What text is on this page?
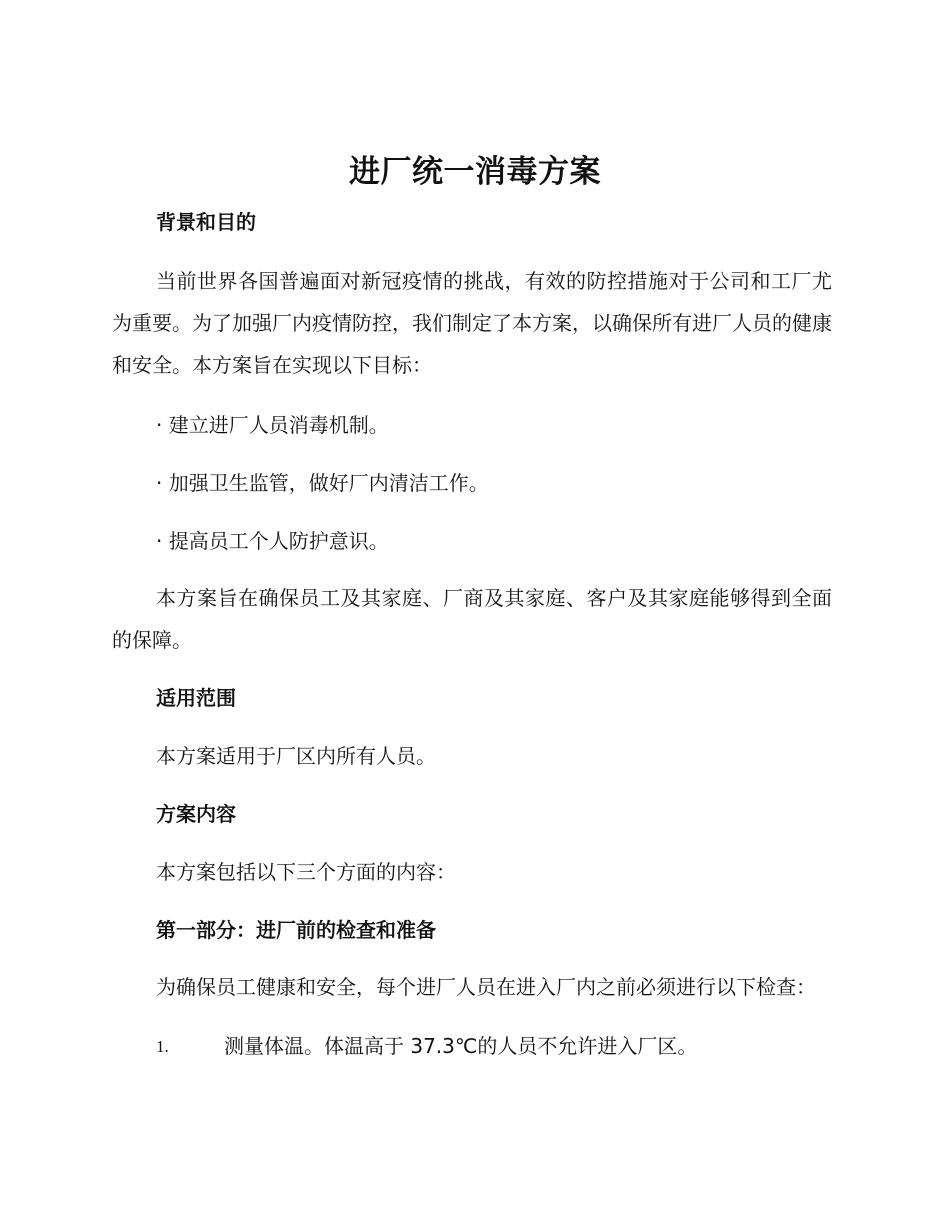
进厂统一消毒方案
背景和目的
当前世界各国普遍面对新冠疫情的挑战，有效的防控措施对于公司和工厂尤为重要。为了加强厂内疫情防控，我们制定了本方案，以确保所有进厂人员的健康和安全。本方案旨在实现以下目标：
· 建立进厂人员消毒机制。
· 加强卫生监管，做好厂内清洁工作。
· 提高员工个人防护意识。
本方案旨在确保员工及其家庭、厂商及其家庭、客户及其家庭能够得到全面的保障。
适用范围
本方案适用于厂区内所有人员。
方案内容
本方案包括以下三个方面的内容：
第一部分：进厂前的检查和准备
为确保员工健康和安全，每个进厂人员在进入厂内之前必须进行以下检查：
1.	测量体温。体温高于 37.3℃的人员不允许进入厂区。
